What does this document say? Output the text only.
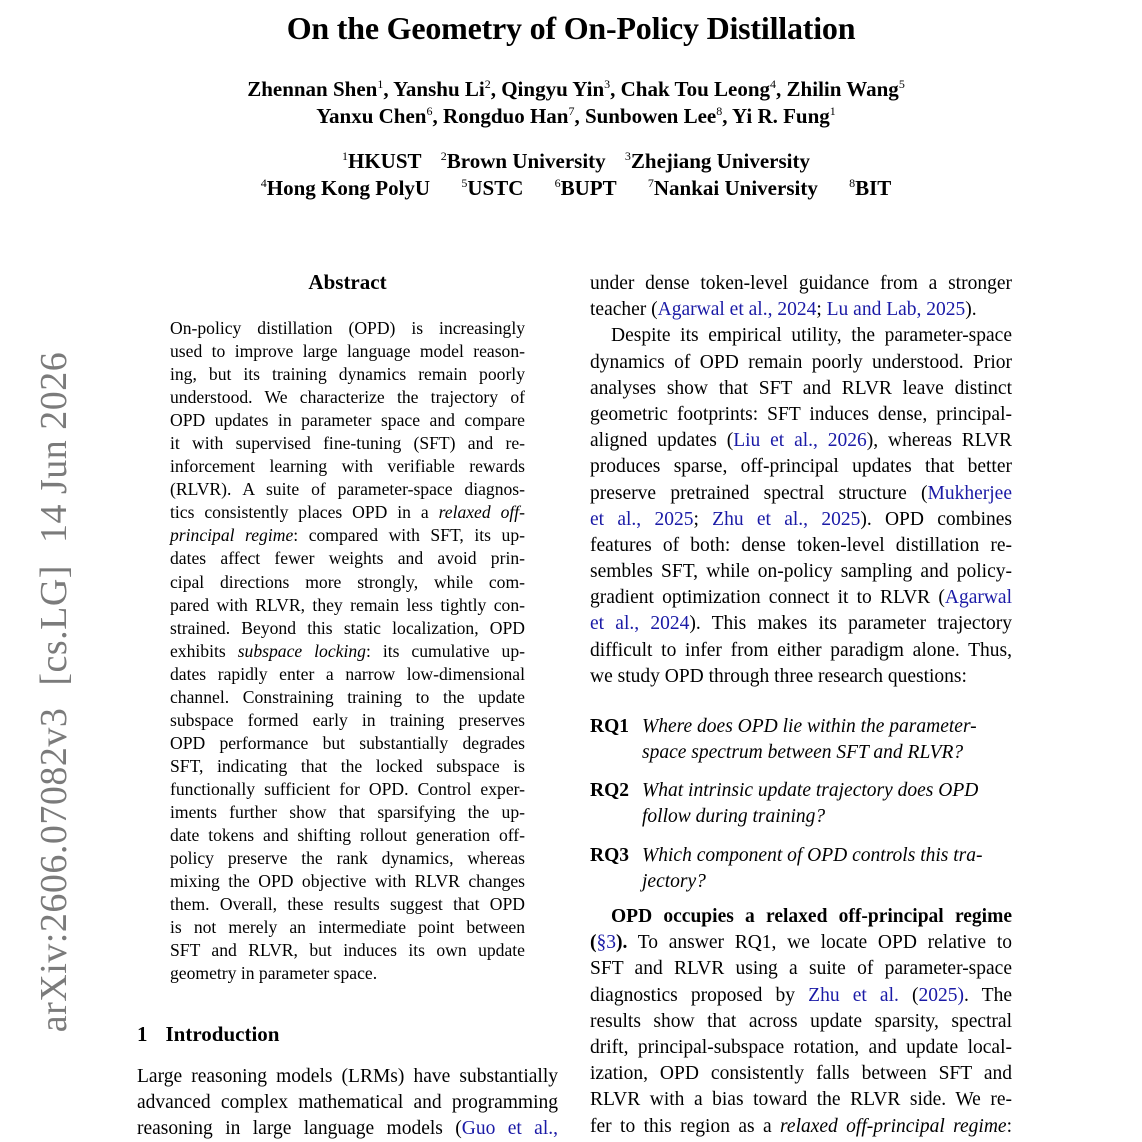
On the Geometry of On-Policy Distillation
Zhennan Shen$^1$, Yanshu Li$^2$, Qingyu Yin$^3$, Chak Tou Leong$^4$, Zhilin Wang$^5$
Yanxu Chen$^6$, Rongduo Han$^7$, Sunbowen Lee$^8$, Yi R. Fung$^1$
$^1$HKUST $^2$Brown University $^3$Zhejiang University
$^4$Hong Kong PolyU	$^5$USTC	$^6$BUPT	$^7$Nankai University	$^8$BIT
arXiv:2606.07082v3[cs.LG]14 Jun 2026
Abstract
On-policy distillation (OPD) is increasingly
used to improve large language model reason-
ing, but its training dynamics remain poorly
understood. We characterize the trajectory of
OPD updates in parameter space and compare
it with supervised fine-tuning (SFT) and re-
inforcement learning with verifiable rewards
(RLVR). A suite of parameter-space diagnos-
tics consistently places OPD in a relaxed off-
principal regime: compared with SFT, its up-
dates affect fewer weights and avoid prin-
cipal directions more strongly, while com-
pared with RLVR, they remain less tightly con-
strained. Beyond this static localization, OPD
exhibits subspace locking: its cumulative up-
dates rapidly enter a narrow low-dimensional
channel. Constraining training to the update
subspace formed early in training preserves
OPD performance but substantially degrades
SFT, indicating that the locked subspace is
functionally sufficient for OPD. Control exper-
iments further show that sparsifying the up-
date tokens and shifting rollout generation off-
policy preserve the rank dynamics, whereas
mixing the OPD objective with RLVR changes
them. Overall, these results suggest that OPD
is not merely an intermediate point between
SFT and RLVR, but induces its own update
geometry in parameter space.
1 Introduction
Large reasoning models (LRMs) have substantially
advanced complex mathematical and programming
reasoning in large language models (Guo et al.,
under dense token-level guidance from a stronger
teacher (Agarwal et al., 2024; Lu and Lab, 2025).
Despite its empirical utility, the parameter-space
dynamics of OPD remain poorly understood. Prior
analyses show that SFT and RLVR leave distinct
geometric footprints: SFT induces dense, principal-
aligned updates (Liu et al., 2026), whereas RLVR
produces sparse, off-principal updates that better
preserve pretrained spectral structure (Mukherjee
et al., 2025; Zhu et al., 2025). OPD combines
features of both: dense token-level distillation re-
sembles SFT, while on-policy sampling and policy-
gradient optimization connect it to RLVR (Agarwal
et al., 2024). This makes its parameter trajectory
difficult to infer from either paradigm alone. Thus,
we study OPD through three research questions:
RQ1 Where does OPD lie within the parameter-
space spectrum between SFT and RLVR?
RQ2 What intrinsic update trajectory does OPD
follow during training?
RQ3 Which component of OPD controls this tra-
jectory?
OPD occupies a relaxed off-principal regime
(§3). To answer RQ1, we locate OPD relative to
SFT and RLVR using a suite of parameter-space
diagnostics proposed by Zhu et al. (2025). The
results show that across update sparsity, spectral
drift, principal-subspace rotation, and update local-
ization, OPD consistently falls between SFT and
RLVR with a bias toward the RLVR side. We re-
fer to this region as a relaxed off-principal regime:
